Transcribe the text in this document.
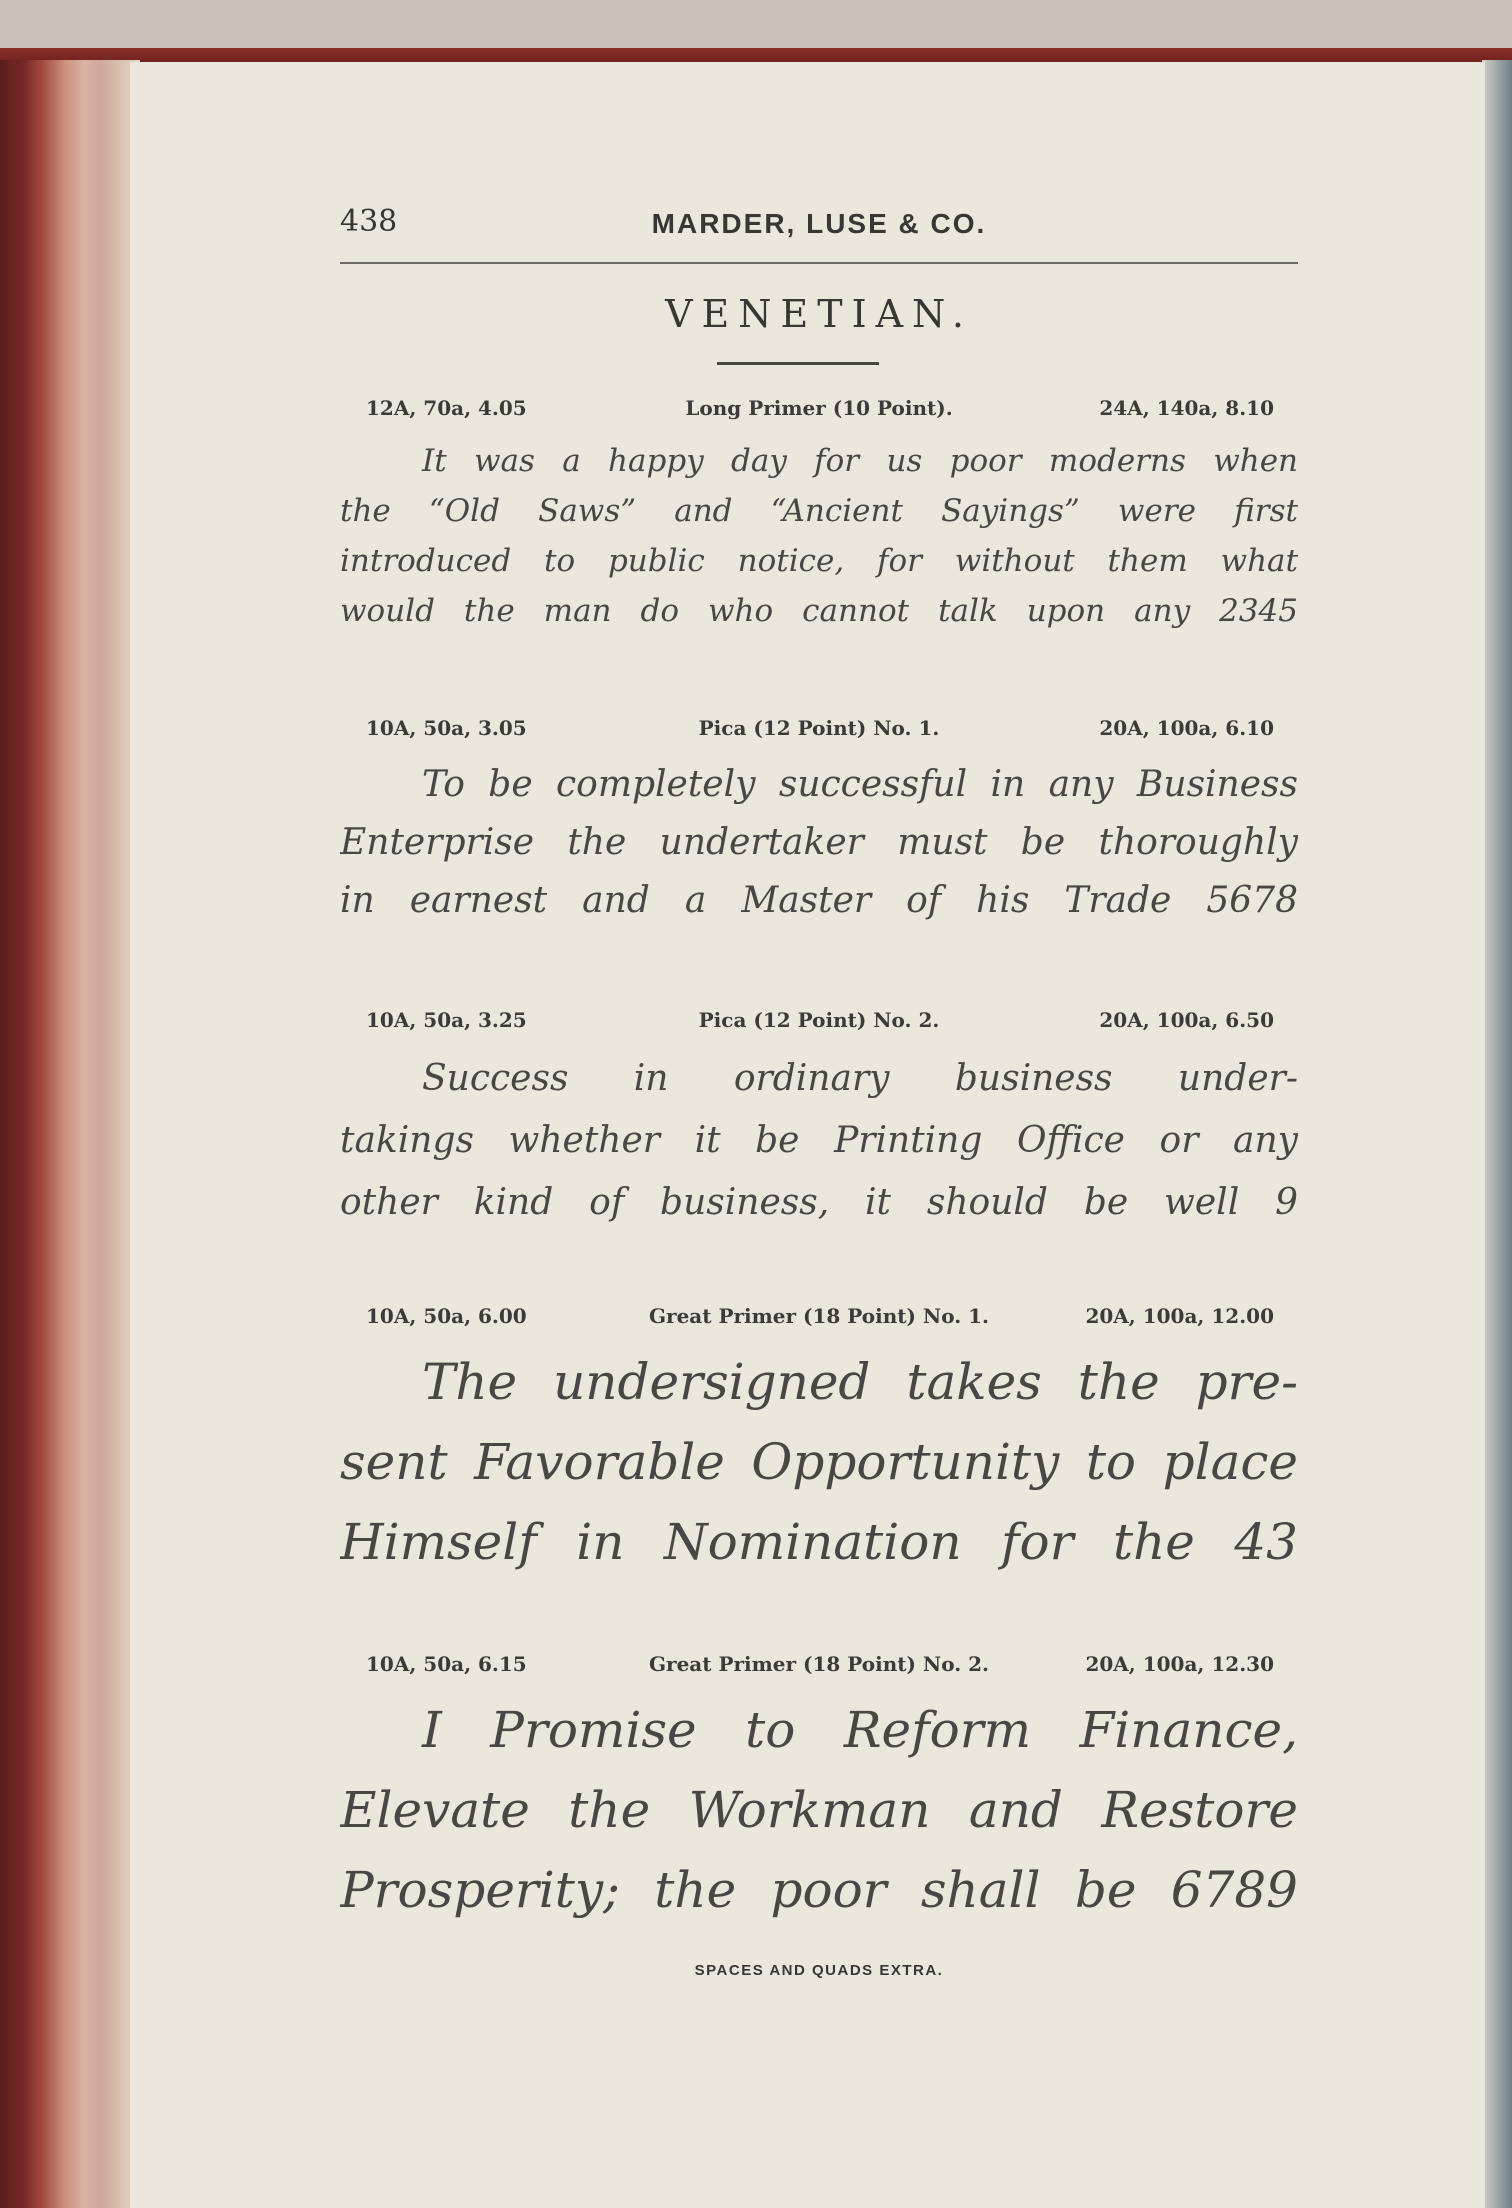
438	MARDER, LUSE & CO.
VENETIAN.
12A, 70a, 4.05	Long Primer (10 Point).	24A, 140a, 8.10
It was a happy day for us poor moderns when
the “Old Saws” and “Ancient Sayings” were first
introduced to public notice, for without them what
would the man do who cannot talk upon any 2345
10A, 50a, 3.05	Pica (12 Point) No. 1.	20A, 100a, 6.10
To be completely successful in any Business
Enterprise the undertaker must be thoroughly
in earnest and a Master of his Trade 5678
10A, 50a, 3.25	Pica (12 Point) No. 2.	20A, 100a, 6.50
Success in ordinary business under-
takings whether it be Printing Office or any
other kind of business, it should be well 9
10A, 50a, 6.00	Great Primer (18 Point) No. 1.	20A, 100a, 12.00
The undersigned takes the pre-
sent Favorable Opportunity to place
Himself in Nomination for the 43
10A, 50a, 6.15	Great Primer (18 Point) No. 2.	20A, 100a, 12.30
I Promise to Reform Finance,
Elevate the Workman and Restore
Prosperity; the poor shall be 6789
SPACES AND QUADS EXTRA.
